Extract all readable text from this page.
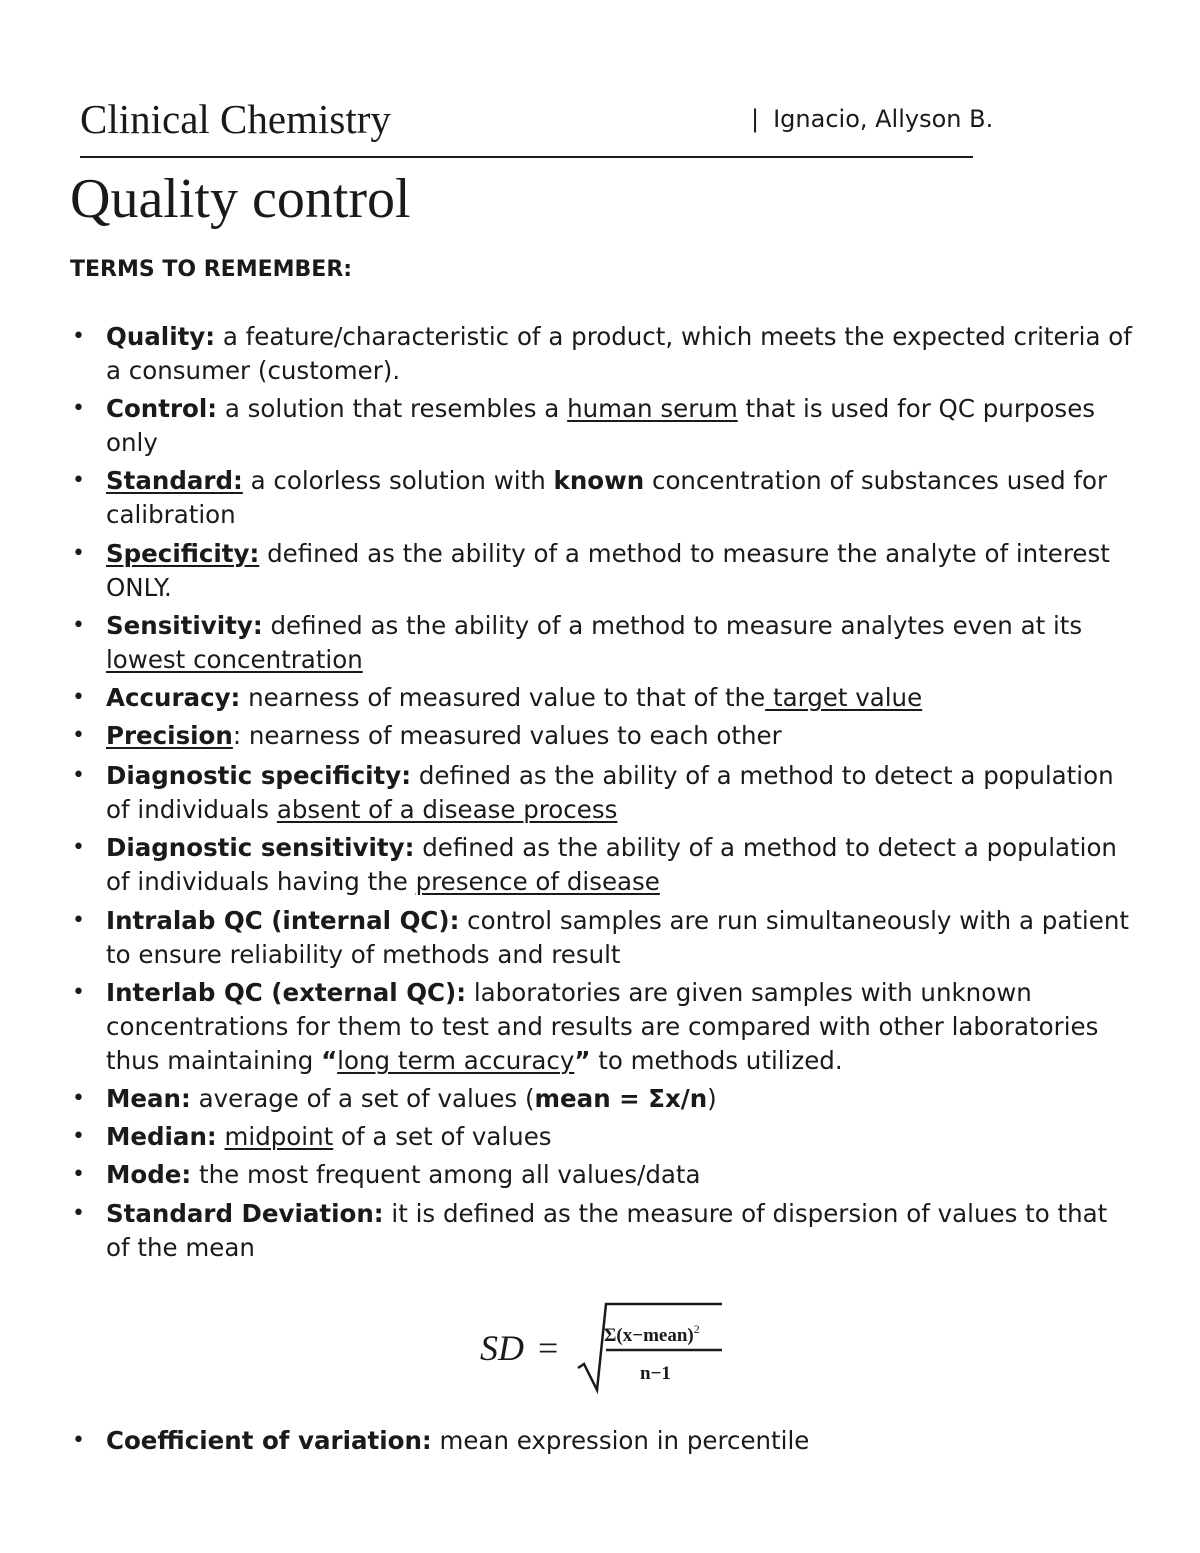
Clinical Chemistry	| Ignacio, Allyson B.
Quality control
TERMS TO REMEMBER:
• Quality: a feature/characteristic of a product, which meets the expected criteria of a consumer (customer).
• Control: a solution that resembles a human serum that is used for QC purposes only
• Standard: a colorless solution with known concentration of substances used for calibration
• Specificity: defined as the ability of a method to measure the analyte of interest ONLY.
• Sensitivity: defined as the ability of a method to measure analytes even at its lowest concentration
• Accuracy: nearness of measured value to that of the target value
• Precision: nearness of measured values to each other
• Diagnostic specificity: defined as the ability of a method to detect a population of individuals absent of a disease process
• Diagnostic sensitivity: defined as the ability of a method to detect a population of individuals having the presence of disease
• Intralab QC (internal QC): control samples are run simultaneously with a patient to ensure reliability of methods and result
• Interlab QC (external QC): laboratories are given samples with unknown concentrations for them to test and results are compared with other laboratories thus maintaining “long term accuracy” to methods utilized.
• Mean: average of a set of values (mean = Σx/n)
• Median: midpoint of a set of values
• Mode: the most frequent among all values/data
• Standard Deviation: it is defined as the measure of dispersion of values to that of the mean
• Coefficient of variation: mean expression in percentile
SD = Σ(x−mean)$^2$
n−1
